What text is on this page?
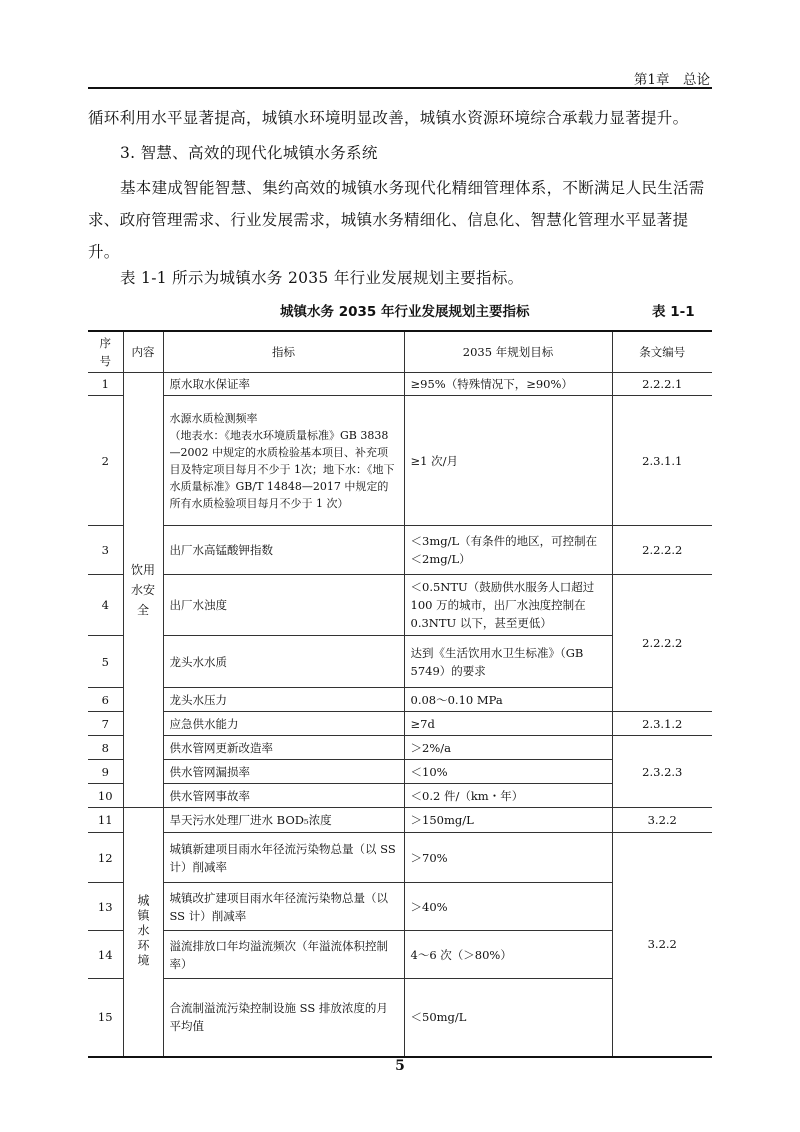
第1章　总论

循环利用水平显著提高，城镇水环境明显改善，城镇水资源环境综合承载力显著提升。

3. 智慧、高效的现代化城镇水务系统

基本建成智能智慧、集约高效的城镇水务现代化精细管理体系，不断满足人民生活需求、政府管理需求、行业发展需求，城镇水务精细化、信息化、智慧化管理水平显著提升。

表 1-1 所示为城镇水务 2035 年行业发展规划主要指标。

城镇水务 2035 年行业发展规划主要指标	表 1-1
序号	内容	指标	2035 年规划目标	条文编号
1	饮用水安全	原水取水保证率	≥95%（特殊情况下，≥90%）	2.2.2.1
2		水源水质检测频率
（地表水：《地表水环境质量标准》GB 3838—2002 中规定的水质检验基本项目、补充项目及特定项目每月不少于 1次；地下水：《地下水质量标准》GB/T 14848—2017 中规定的所有水质检验项目每月不少于 1 次）	≥1 次/月	2.3.1.1
3		出厂水高锰酸钾指数	＜3mg/L（有条件的地区，可控制在＜2mg/L）	2.2.2.2
4		出厂水浊度	＜0.5NTU（鼓励供水服务人口超过 100 万的城市，出厂水浊度控制在 0.3NTU 以下，甚至更低）	2.2.2.2
5		龙头水水质	达到《生活饮用水卫生标准》（GB 5749）的要求	
6		龙头水压力	0.08～0.10 MPa	
7		应急供水能力	≥7d	2.3.1.2
8		供水管网更新改造率	＞2%/a	2.3.2.3
9		供水管网漏损率	＜10%	
10		供水管网事故率	＜0.2 件/（km・年）	
11	城镇水环境	旱天污水处理厂进水 BOD₅浓度	＞150mg/L	3.2.2
12		城镇新建项目雨水年径流污染物总量（以 SS计）削减率	＞70%	3.2.2
13		城镇改扩建项目雨水年径流污染物总量（以 SS 计）削减率	＞40%	
14		溢流排放口年均溢流频次（年溢流体积控制率）	4～6 次（＞80%）	
15		合流制溢流污染控制设施 SS 排放浓度的月平均值	＜50mg/L	
5
